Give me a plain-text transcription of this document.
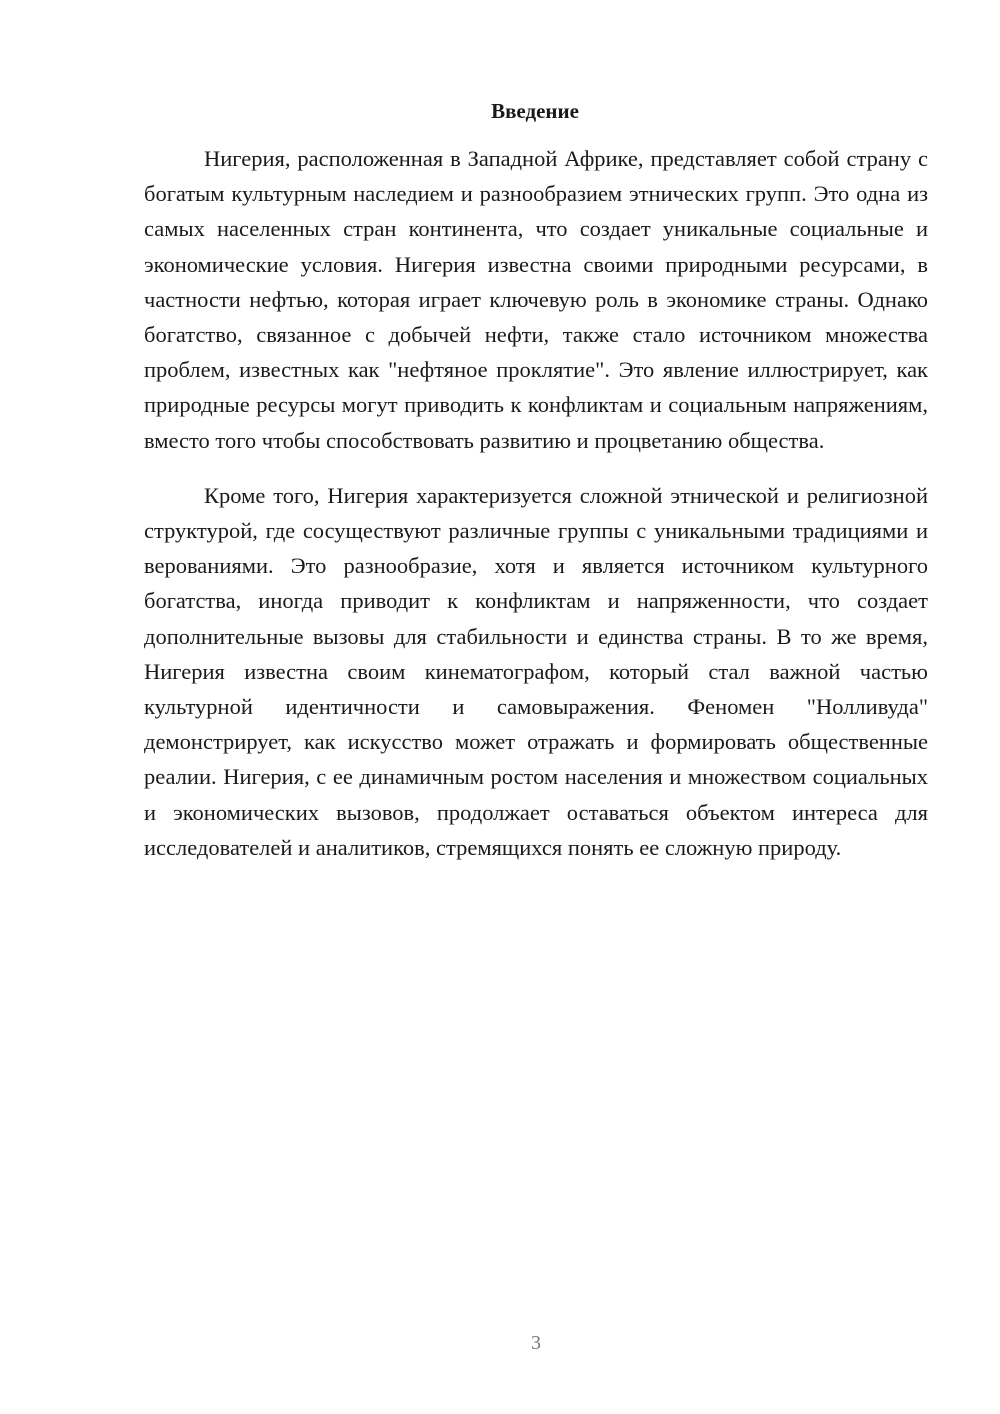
Введение

Нигерия, расположенная в Западной Африке, представляет собой страну с богатым культурным наследием и разнообразием этнических групп. Это одна из самых населенных стран континента, что создает уникальные социальные и экономические условия. Нигерия известна своими природными ресурсами, в частности нефтью, которая играет ключевую роль в экономике страны. Однако богатство, связанное с добычей нефти, также стало источником множества проблем, известных как "нефтяное проклятие". Это явление иллюстрирует, как природные ресурсы могут приводить к конфликтам и социальным напряжениям, вместо того чтобы способствовать развитию и процветанию общества.

Кроме того, Нигерия характеризуется сложной этнической и религиозной структурой, где сосуществуют различные группы с уникальными традициями и верованиями. Это разнообразие, хотя и является источником культурного богатства, иногда приводит к конфликтам и напряженности, что создает дополнительные вызовы для стабильности и единства страны. В то же время, Нигерия известна своим кинематографом, который стал важной частью культурной идентичности и самовыражения. Феномен "Нолливуда" демонстрирует, как искусство может отражать и формировать общественные реалии. Нигерия, с ее динамичным ростом населения и множеством социальных и экономических вызовов, продолжает оставаться объектом интереса для исследователей и аналитиков, стремящихся понять ее сложную природу.

3
